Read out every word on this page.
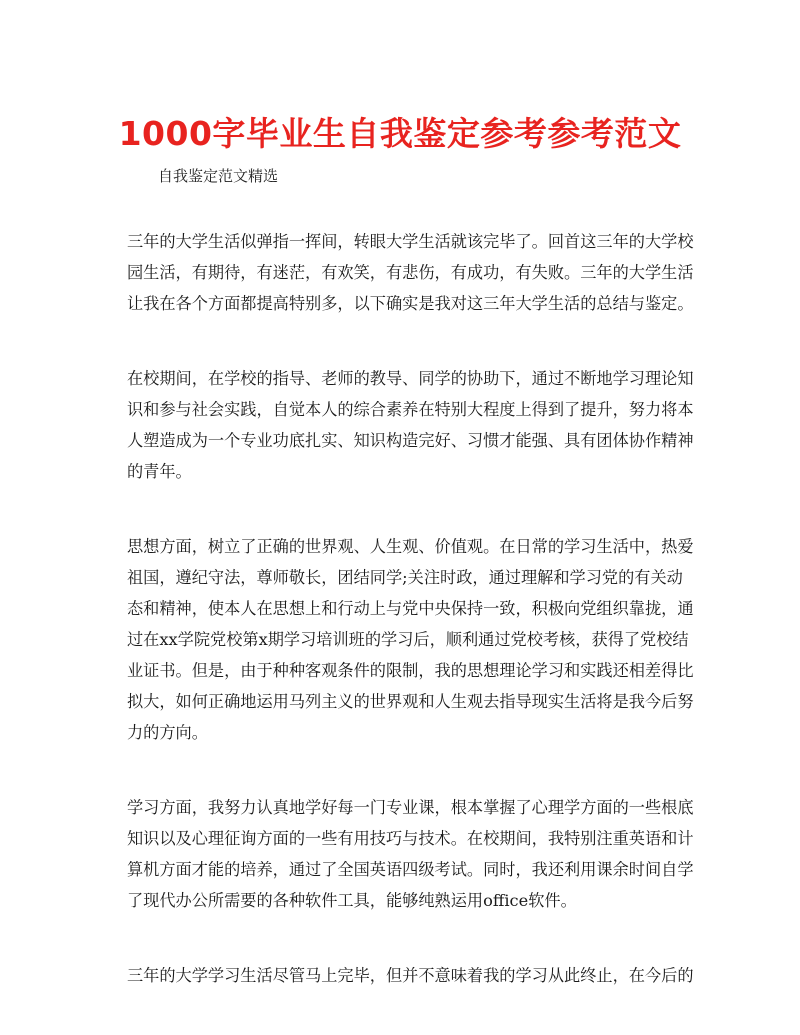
1000字毕业生自我鉴定参考参考范文
自我鉴定范文精选

三年的大学生活似弹指一挥间，转眼大学生活就该完毕了。回首这三年的大学校
园生活，有期待，有迷茫，有欢笑，有悲伤，有成功，有失败。三年的大学生活
让我在各个方面都提高特别多，以下确实是我对这三年大学生活的总结与鉴定。

在校期间，在学校的指导、老师的教导、同学的协助下，通过不断地学习理论知
识和参与社会实践，自觉本人的综合素养在特别大程度上得到了提升，努力将本
人塑造成为一个专业功底扎实、知识构造完好、习惯才能强、具有团体协作精神
的青年。

思想方面，树立了正确的世界观、人生观、价值观。在日常的学习生活中，热爱
祖国，遵纪守法，尊师敬长，团结同学;关注时政，通过理解和学习党的有关动
态和精神，使本人在思想上和行动上与党中央保持一致，积极向党组织靠拢，通
过在xx学院党校第x期学习培训班的学习后，顺利通过党校考核，获得了党校结
业证书。但是，由于种种客观条件的限制，我的思想理论学习和实践还相差得比
拟大，如何正确地运用马列主义的世界观和人生观去指导现实生活将是我今后努
力的方向。

学习方面，我努力认真地学好每一门专业课，根本掌握了心理学方面的一些根底
知识以及心理征询方面的一些有用技巧与技术。在校期间，我特别注重英语和计
算机方面才能的培养，通过了全国英语四级考试。同时，我还利用课余时间自学
了现代办公所需要的各种软件工具，能够纯熟运用office软件。

三年的大学学习生活尽管马上完毕，但并不意味着我的学习从此终止，在今后的
